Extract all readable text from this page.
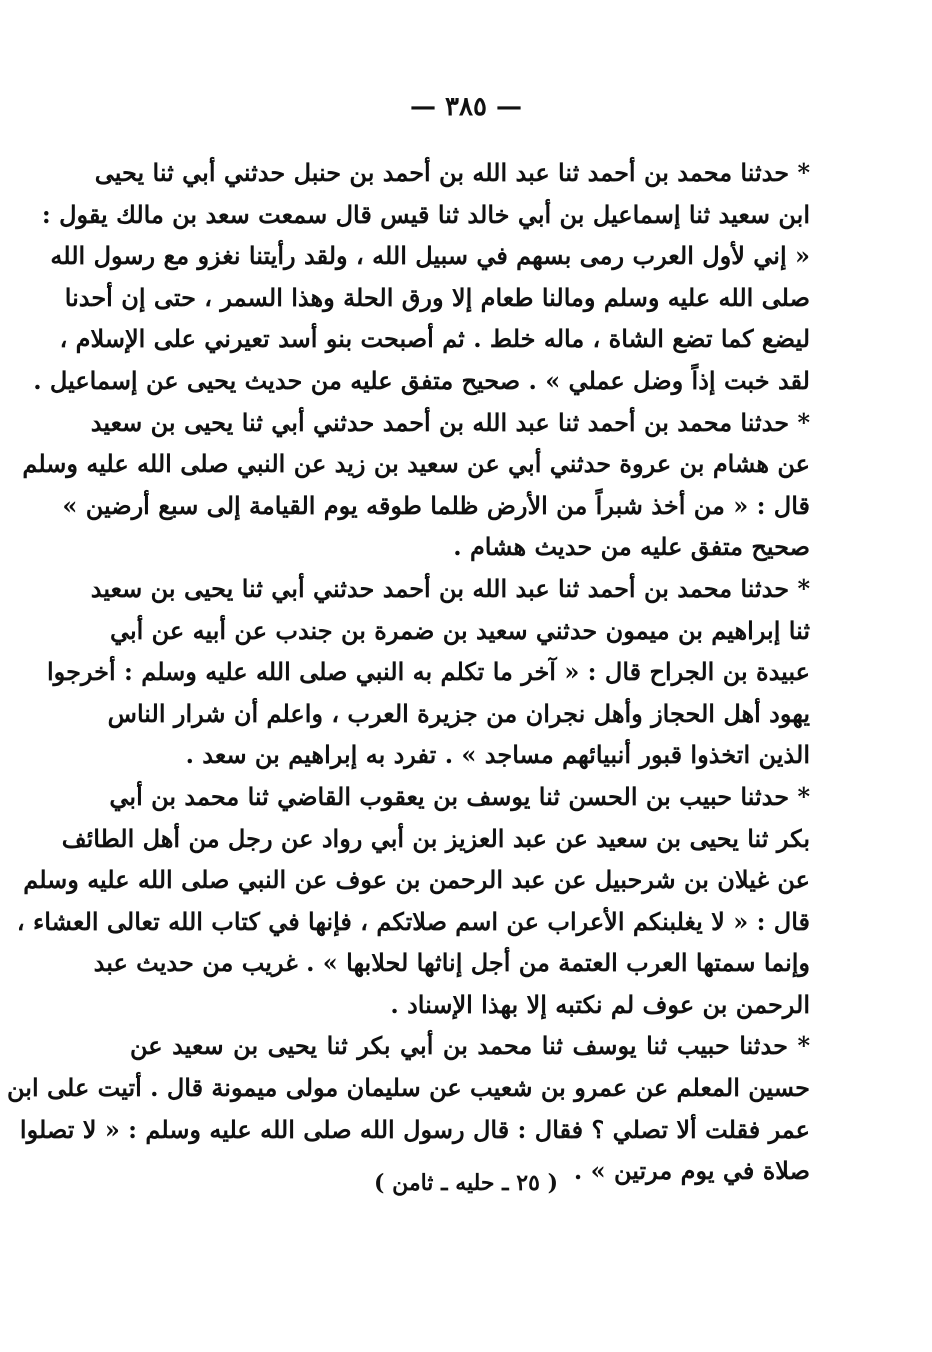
— ٣٨٥ —
* حدثنا محمد بن أحمد ثنا عبد الله بن أحمد بن حنبل حدثني أبي ثنا يحيى
ابن سعيد ثنا إسماعيل بن أبي خالد ثنا قيس قال سمعت سعد بن مالك يقول :
« إني لأول العرب رمى بسهم في سبيل الله ، ولقد رأيتنا نغزو مع رسول الله
صلى الله عليه وسلم ومالنا طعام إلا ورق الحلة وهذا السمر ، حتى إن أحدنا
ليضع كما تضع الشاة ، ماله خلط . ثم أصبحت بنو أسد تعيرني على الإسلام ،
لقد خبت إذاً وضل عملي » . صحيح متفق عليه من حديث يحيى عن إسماعيل .
* حدثنا محمد بن أحمد ثنا عبد الله بن أحمد حدثني أبي ثنا يحيى بن سعيد
عن هشام بن عروة حدثني أبي عن سعيد بن زيد عن النبي صلى الله عليه وسلم
قال : « من أخذ شبراً من الأرض ظلما طوقه يوم القيامة إلى سبع أرضين »
صحيح متفق عليه من حديث هشام .
* حدثنا محمد بن أحمد ثنا عبد الله بن أحمد حدثني أبي ثنا يحيى بن سعيد
ثنا إبراهيم بن ميمون حدثني سعيد بن ضمرة بن جندب عن أبيه عن أبي
عبيدة بن الجراح قال : « آخر ما تكلم به النبي صلى الله عليه وسلم : أخرجوا
يهود أهل الحجاز وأهل نجران من جزيرة العرب ، واعلم أن شرار الناس
الذين اتخذوا قبور أنبيائهم مساجد » . تفرد به إبراهيم بن سعد .
* حدثنا حبيب بن الحسن ثنا يوسف بن يعقوب القاضي ثنا محمد بن أبي
بكر ثنا يحيى بن سعيد عن عبد العزيز بن أبي رواد عن رجل من أهل الطائف
عن غيلان بن شرحبيل عن عبد الرحمن بن عوف عن النبي صلى الله عليه وسلم
قال : « لا يغلبنكم الأعراب عن اسم صلاتكم ، فإنها في كتاب الله تعالى العشاء ،
وإنما سمتها العرب العتمة من أجل إناثها لحلابها » . غريب من حديث عبد
الرحمن بن عوف لم نكتبه إلا بهذا الإسناد .
* حدثنا حبيب ثنا يوسف ثنا محمد بن أبي بكر ثنا يحيى بن سعيد عن
حسين المعلم عن عمرو بن شعيب عن سليمان مولى ميمونة قال . أتيت على ابن
عمر فقلت ألا تصلي ؟ فقال : قال رسول الله صلى الله عليه وسلم : « لا تصلوا
صلاة في يوم مرتين » .
( ٢٥ ـ حليه ـ ثامن )
